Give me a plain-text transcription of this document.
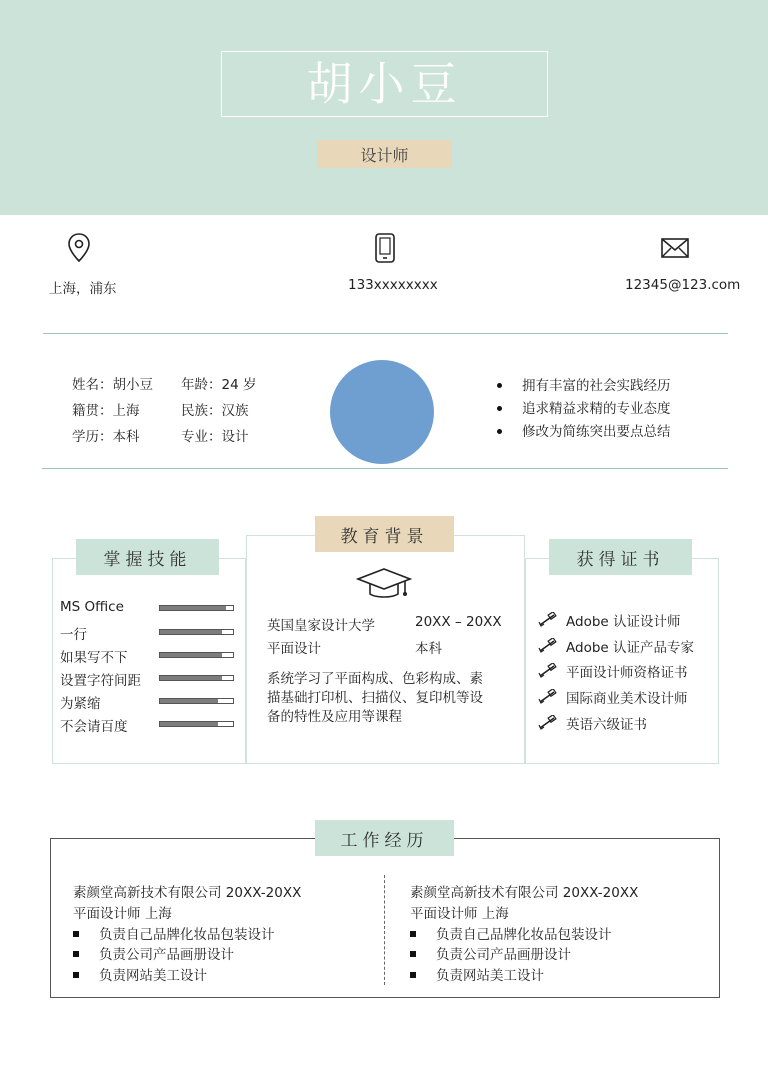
胡小豆
设计师
上海，浦东	133xxxxxxxx	12345@123.com
姓名：胡小豆 年龄：24 岁
籍贯：上海	民族：汉族
学历：本科	专业：设计
拥有丰富的社会实践经历
追求精益求精的专业态度
修改为简练突出要点总结
掌握技能
MS Office
一行
如果写不下
设置字符间距
为紧缩
不会请百度
教育背景
英国皇家设计大学	20XX – 20XX
平面设计	本科
系统学习了平面构成、色彩构成、素
描基础打印机、扫描仪、复印机等设
备的特性及应用等课程
获得证书
Adobe 认证设计师
Adobe 认证产品专家
平面设计师资格证书
国际商业美术设计师
英语六级证书
工作经历
素颜堂高新技术有限公司 20XX-20XX
平面设计师 上海
负责自己品牌化妆品包装设计
负责公司产品画册设计
负责网站美工设计
素颜堂高新技术有限公司 20XX-20XX
平面设计师 上海
负责自己品牌化妆品包装设计
负责公司产品画册设计
负责网站美工设计
